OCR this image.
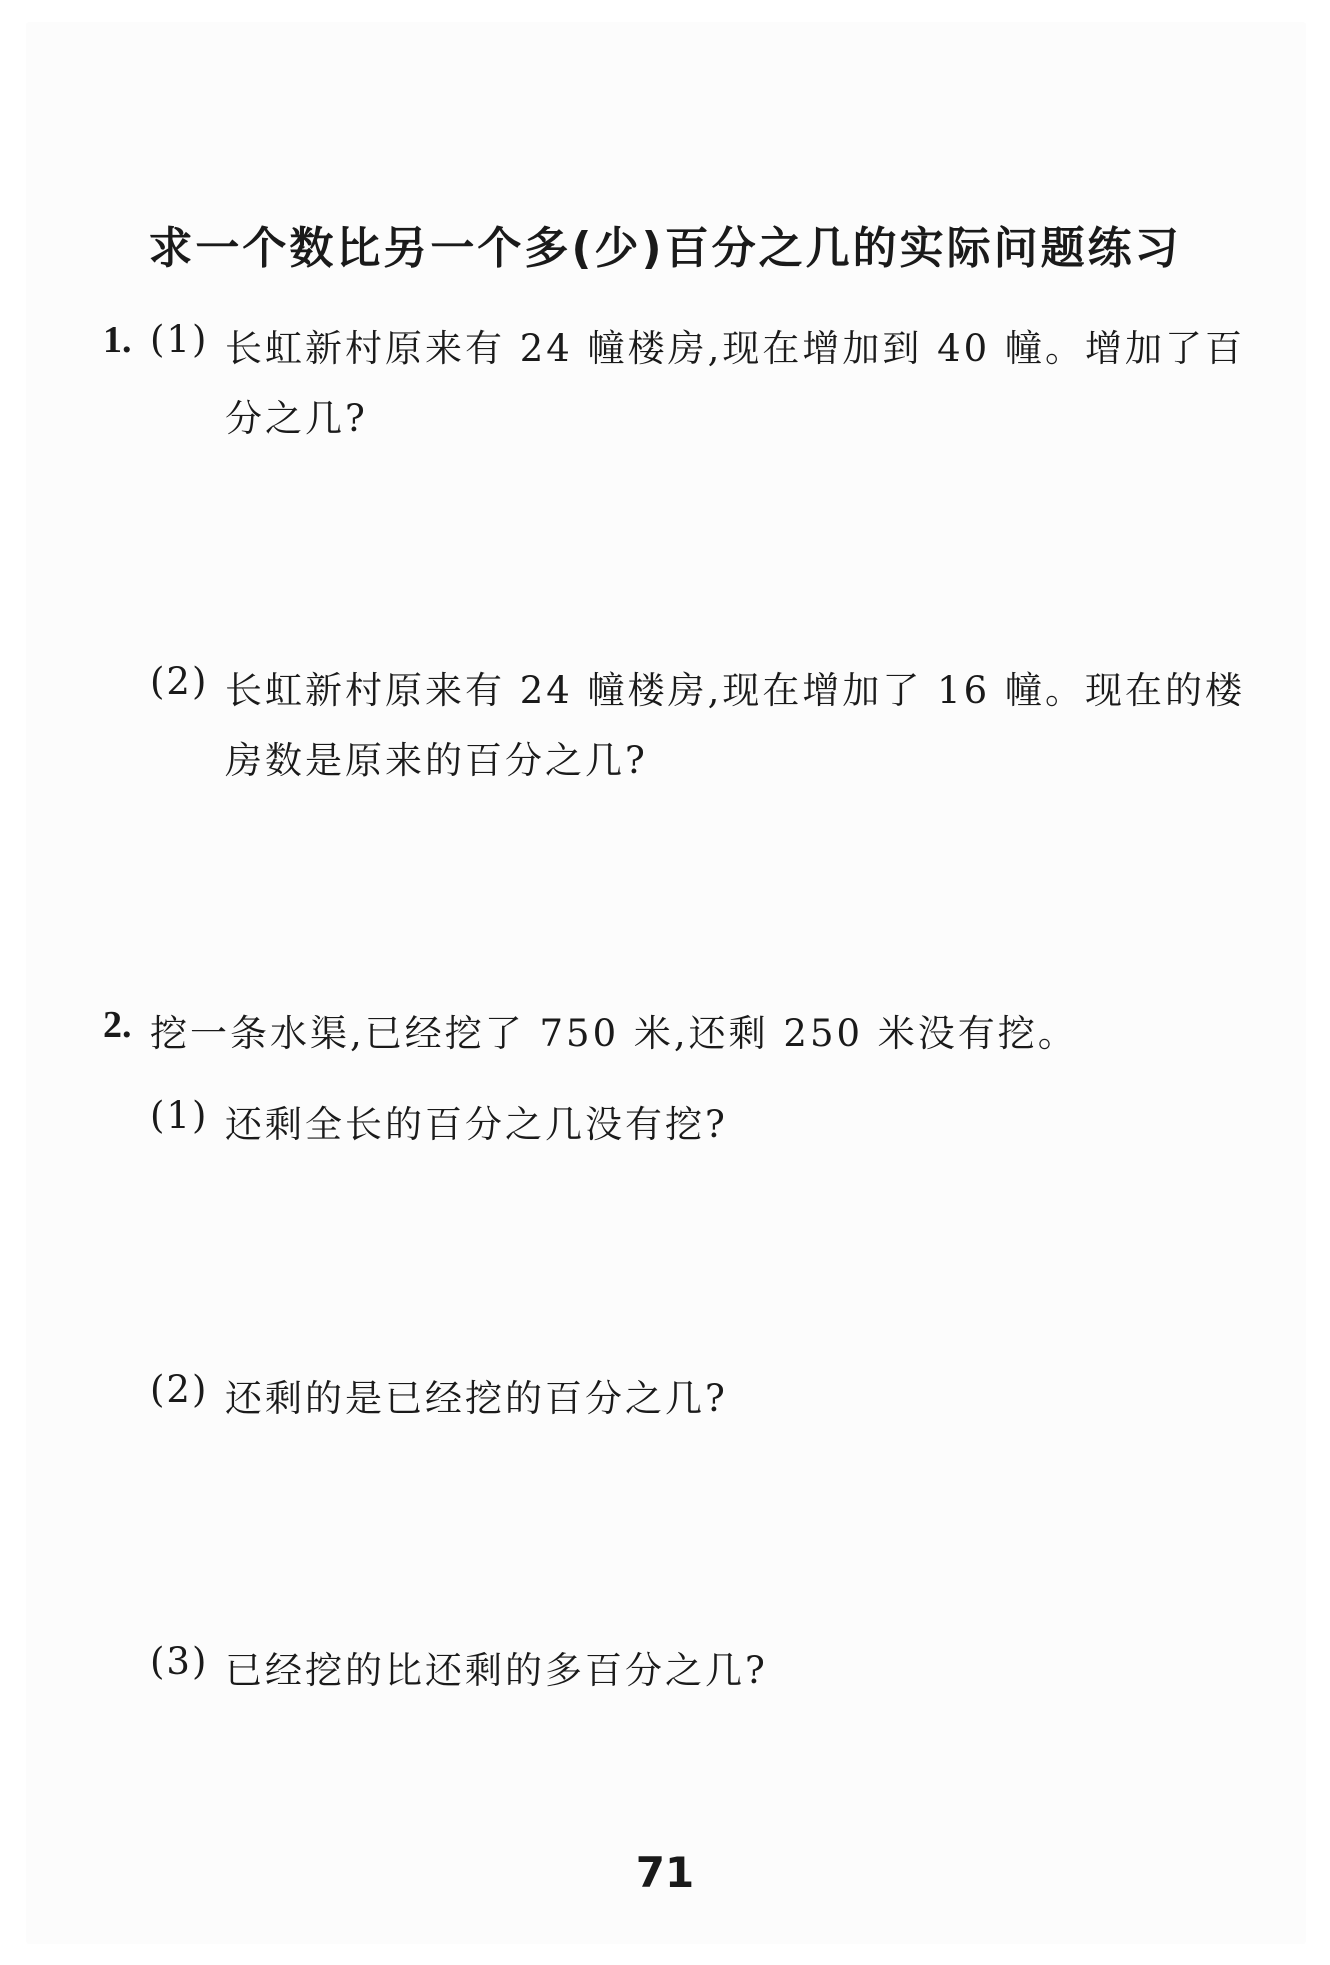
求一个数比另一个多(少)百分之几的实际问题练习
1. (1) 长虹新村原来有 24 幢楼房,现在增加到 40 幢。增加了百
分之几?
(2) 长虹新村原来有 24 幢楼房,现在增加了 16 幢。现在的楼
房数是原来的百分之几?
2. 挖一条水渠,已经挖了 750 米,还剩 250 米没有挖。
(1) 还剩全长的百分之几没有挖?
(2) 还剩的是已经挖的百分之几?
(3) 已经挖的比还剩的多百分之几?
71
